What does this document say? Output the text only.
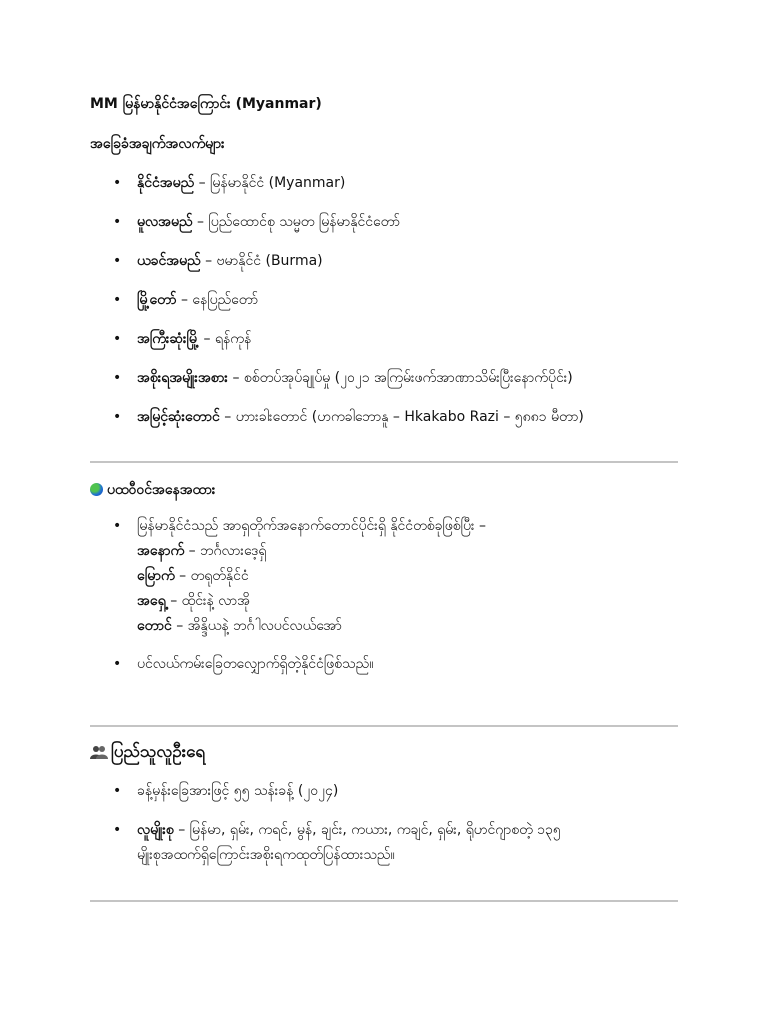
MM မြန်မာနိုင်ငံအကြောင်း (Myanmar)
အခြေခံအချက်အလက်များ
• နိုင်ငံအမည် – မြန်မာနိုင်ငံ (Myanmar)
• မူလအမည် – ပြည်ထောင်စု သမ္မတ မြန်မာနိုင်ငံတော်
• ယခင်အမည် – ဗမာနိုင်ငံ (Burma)
• မြို့တော် – နေပြည်တော်
• အကြီးဆုံးမြို့ – ရန်ကုန်
• အစိုးရအမျိုးအစား – စစ်တပ်အုပ်ချုပ်မှု (၂၀၂၁ အကြမ်းဖက်အာဏာသိမ်းပြီးနောက်ပိုင်း)
• အမြင့်ဆုံးတောင် – ဟားခါးတောင် (ဟကခါဘောနူ – Hkakabo Razi – ၅၈၈၁ မီတာ)
ပထဝီဝင်အနေအထား
• မြန်မာနိုင်ငံသည် အာရှတိုက်အနောက်တောင်ပိုင်းရှိ နိုင်ငံတစ်ခုဖြစ်ပြီး –
အနောက် – ဘင်္ဂလားဒေ့ရှ်
မြောက် – တရုတ်နိုင်ငံ
အရှေ့ – ထိုင်းနဲ့ လာအို
တောင် – အိန္ဒိယနဲ့ ဘင်္ဂါလပင်လယ်အော်
• ပင်လယ်ကမ်းခြေတလျှောက်ရှိတဲ့နိုင်ငံဖြစ်သည်။
ပြည်သူလူဦးရေ
• ခန့်မှန်းခြေအားဖြင့် ၅၅ သန်းခန့် (၂၀၂၄)
• လူမျိုးစု – မြန်မာ, ရှမ်း, ကရင်, မွန်, ချင်း, ကယား, ကချင်, ရှမ်း, ရိုဟင်ဂျာစတဲ့ ၁၃၅
မျိုးစုအထက်ရှိကြောင်းအစိုးရကထုတ်ပြန်ထားသည်။
